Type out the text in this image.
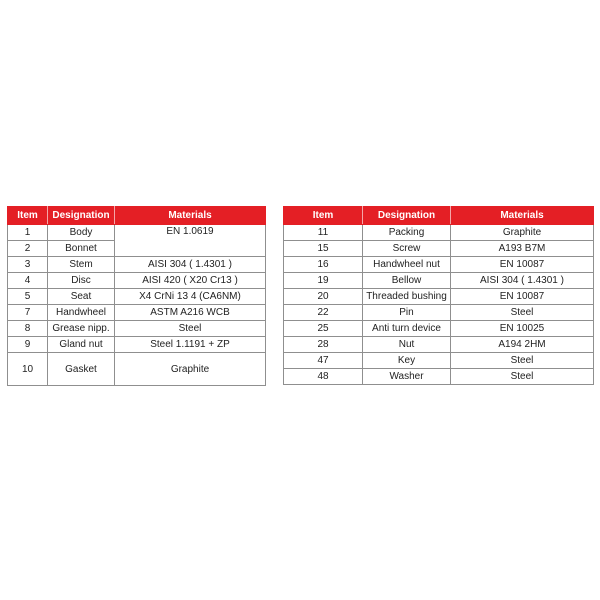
Item	Designation	Materials
1	Body	EN 1.0619
2	Bonnet	
3	Stem	AISI 304 ( 1.4301 )
4	Disc	AISI 420 ( X20 Cr13 )
5	Seat	X4 CrNi 13 4 (CA6NM)
7	Handwheel	ASTM A216 WCB
8	Grease nipp.	Steel
9	Gland nut	Steel 1.1191 + ZP
10	Gasket	Graphite
Item	Designation	Materials
11	Packing	Graphite
15	Screw	A193 B7M
16	Handwheel nut	EN 10087
19	Bellow	AISI 304 ( 1.4301 )
20	Threaded bushing	EN 10087
22	Pin	Steel
25	Anti turn device	EN 10025
28	Nut	A194 2HM
47	Key	Steel
48	Washer	Steel
